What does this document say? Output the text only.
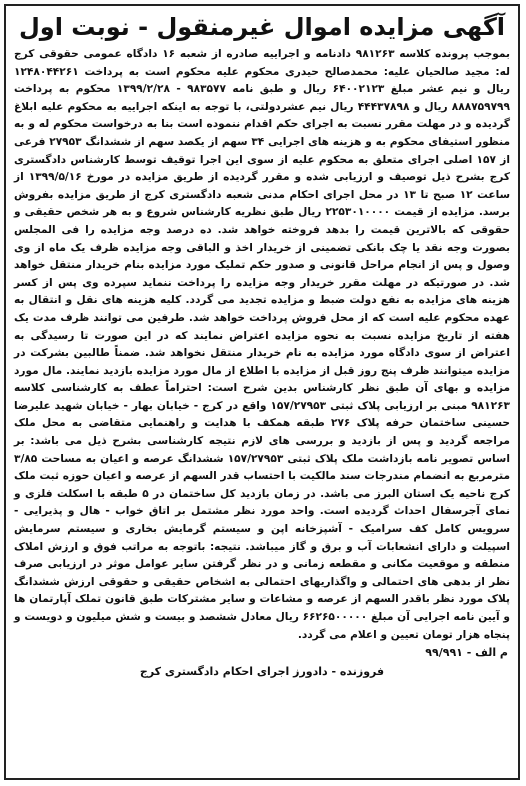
آگهی مزایده اموال غیرمنقول - نوبت اول

بموجب پرونده کلاسه ۹۸۱۲۶۳ دادنامه و اجراییه صادره از شعبه ۱۶ دادگاه عمومی حقوقی کرج له: مجید صالحیان علیه: محمدصالح حیدری محکوم علیه محکوم است به پرداخت ۱۲۴۸۰۴۴۲۶۱ ریال و نیم عشر مبلغ ۶۴۰۰۲۱۲۳ ریال و طبق نامه ۹۸۳۵۷۷ - ۱۳۹۹/۲/۲۸ محکوم به پرداخت ۸۸۸۷۵۹۷۹۹ ریال و ۴۴۴۳۷۸۹۸ ریال نیم عشردولتی، با توجه به اینکه اجراییه به محکوم علیه ابلاغ گردیده و در مهلت مقرر نسبت به اجرای حکم اقدام ننموده است بنا به درخواست محکوم له و به منظور استیفای محکوم به و هزینه های اجرایی ۳۴ سهم از یکصد سهم از ششدانگ ۲۷۹۵۳ فرعی از ۱۵۷ اصلی اجرای متعلق به محکوم علیه از سوی این اجرا توقیف توسط کارشناس دادگستری کرج بشرح ذیل توصیف و ارزیابی شده و مقرر گردیده از طریق مزایده در مورخ ۱۳۹۹/۵/۱۶ از ساعت ۱۲ صبح تا ۱۳ در محل اجرای احکام مدنی شعبه دادگستری کرج از طریق مزایده بفروش برسد. مزایده از قیمت ۲۲۵۳۰۱۰۰۰۰ ریال طبق نظریه کارشناس شروع و به هر شخص حقیقی و حقوقی که بالاترین قیمت را بدهد فروخته خواهد شد. ده درصد وجه مزایده را فی المجلس بصورت وجه نقد یا چک بانکی تضمینی از خریدار اخذ و الباقی وجه مزایده ظرف یک ماه از وی وصول و پس از انجام مراحل قانونی و صدور حکم تملیک مورد مزایده بنام خریدار منتقل خواهد شد. در صورتیکه در مهلت مقرر خریدار وجه مزایده را پرداخت ننماید سپرده وی پس از کسر هزینه های مزایده به نفع دولت ضبط و مزایده تجدید می گردد. کلیه هزینه های نقل و انتقال به عهده محکوم علیه است که از محل فروش پرداخت خواهد شد. طرفین می توانند ظرف مدت یک هفته از تاریخ مزایده نسبت به نحوه مزایده اعتراض نمایند که در این صورت تا رسیدگی به اعتراض از سوی دادگاه مورد مزایده به نام خریدار منتقل نخواهد شد. ضمناً طالبین بشرکت در مزایده میتوانند ظرف پنج روز قبل از مزایده با اطلاع از مال مورد مزایده بازدید نمایند. مال مورد مزایده و بهای آن طبق نظر کارشناس بدین شرح است: احتراماً عطف به کارشناسی کلاسه ۹۸۱۲۶۳ مبنی بر ارزیابی پلاک ثبتی ۱۵۷/۲۷۹۵۳ واقع در کرج - خیابان بهار - خیابان شهید علیرضا حسینی ساختمان حرفه پلاک ۲۷۶ طبقه همکف با هدایت و راهنمایی متقاضی به محل ملک مراجعه گردید و پس از بازدید و بررسی های لازم نتیجه کارشناسی بشرح ذیل می باشد: بر اساس تصویر نامه بازداشت ملک پلاک ثبتی ۱۵۷/۲۷۹۵۳ ششدانگ عرصه و اعیان به مساحت ۳/۸۵ مترمربع به انضمام مندرجات سند مالکیت با احتساب قدر السهم از عرصه و اعیان حوزه ثبت ملک کرج ناحیه یک استان البرز می باشد. در زمان بازدید کل ساختمان در ۵ طبقه با اسکلت فلزی و نمای آجرسفال احداث گردیده است. واحد مورد نظر مشتمل بر اتاق خواب - هال و پذیرایی - سرویس کامل کف سرامیک - آشپزخانه اپن و سیستم گرمایش بخاری و سیستم سرمایش اسپیلت و دارای انشعابات آب و برق و گاز میباشد. نتیجه: باتوجه به مراتب فوق و ارزش املاک منطقه و موقعیت مکانی و مقطعه زمانی و در نظر گرفتن سایر عوامل موثر در ارزیابی صرف نظر از بدهی های احتمالی و واگذاریهای احتمالی به اشخاص حقیقی و حقوقی ارزش ششدانگ پلاک مورد نظر باقدر السهم از عرصه و مشاعات و سایر مشترکات طبق قانون تملک آپارتمان ها و آیین نامه اجرایی آن مبلغ ۶۶۲۶۵۰۰۰۰۰ ریال معادل ششصد و بیست و شش میلیون و دویست و پنجاه هزار تومان تعیین و اعلام می گردد.

م الف - ۹۹/۹۹۱
فروزنده - دادورز اجرای احکام دادگستری کرج
